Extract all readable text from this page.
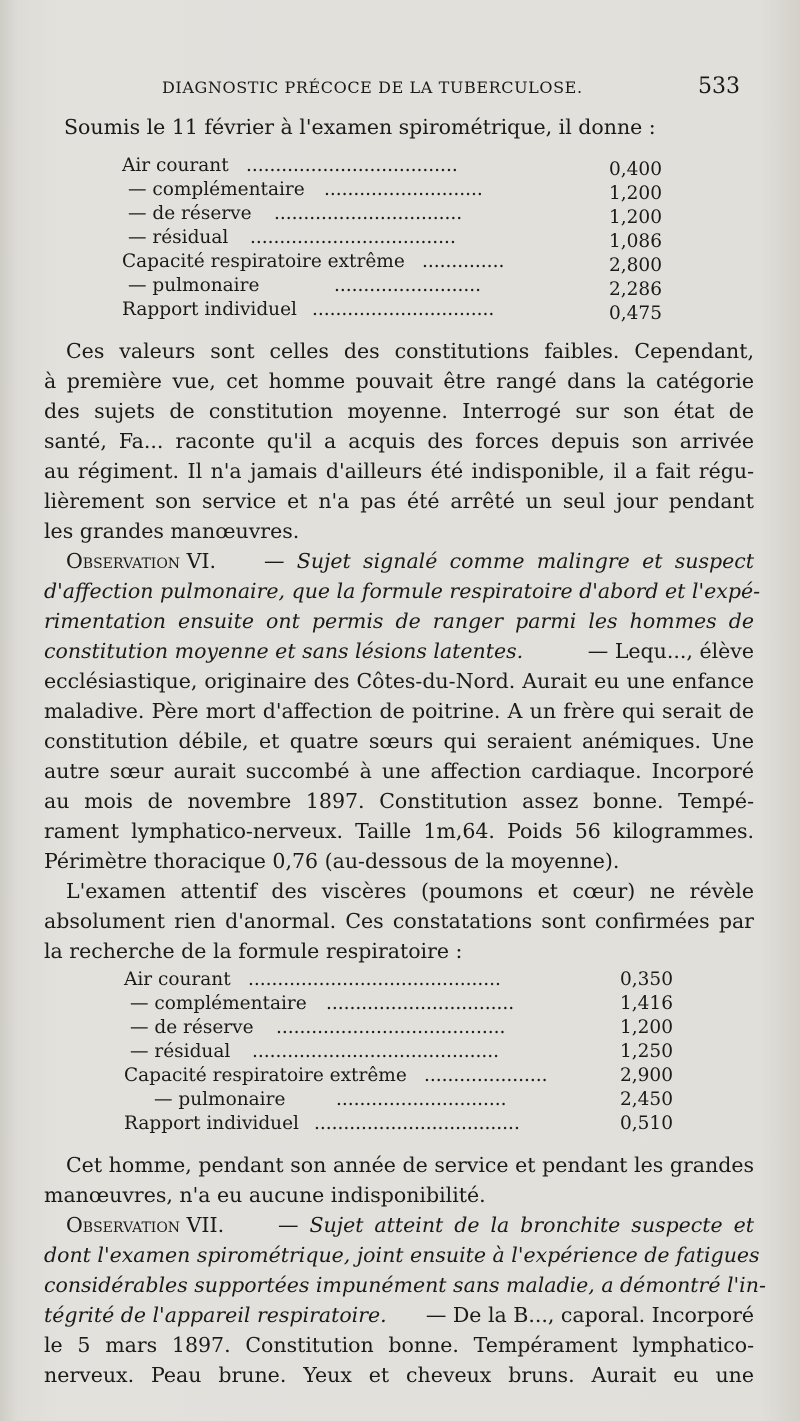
DIAGNOSTIC PRÉCOCE DE LA TUBERCULOSE.	533
Soumis le 11 février à l'examen spirométrique, il donne :
Air courant ....................................	0,400
— complémentaire ...........................	1,200
— de réserve ................................	1,200
— résidual ...................................	1,086
Capacité respiratoire extrême ..............	2,800
— pulmonaire	.........................	2,286
Rapport individuel ...............................	0,475
Ces valeurs sont celles des constitutions faibles. Cependant,
à première vue, cet homme pouvait être rangé dans la catégorie
des sujets de constitution moyenne. Interrogé sur son état de
santé, Fa... raconte qu'il a acquis des forces depuis son arrivée
au régiment. Il n'a jamais d'ailleurs été indisponible, il a fait régu-
lièrement son service et n'a pas été arrêté un seul jour pendant
les grandes manœuvres.
Observation VI. — Sujet signalé comme malingre et suspect
d'affection pulmonaire, que la formule respiratoire d'abord et l'expé-
rimentation ensuite ont permis de ranger parmi les hommes de
constitution moyenne et sans lésions latentes.	— Lequ..., élève
ecclésiastique, originaire des Côtes-du-Nord. Aurait eu une enfance
maladive. Père mort d'affection de poitrine. A un frère qui serait de
constitution débile, et quatre sœurs qui seraient anémiques. Une
autre sœur aurait succombé à une affection cardiaque. Incorporé
au mois de novembre 1897. Constitution assez bonne. Tempé-
rament lymphatico-nerveux. Taille 1m,64. Poids 56 kilogrammes.
Périmètre thoracique 0,76 (au-dessous de la moyenne).
L'examen attentif des viscères (poumons et cœur) ne révèle
absolument rien d'anormal. Ces constatations sont confirmées par
la recherche de la formule respiratoire :
Air courant ...........................................	0,350
— complémentaire ................................	1,416
— de réserve .......................................	1,200
— résidual ..........................................	1,250
Capacité respiratoire extrême .....................	2,900
— pulmonaire	.............................	2,450
Rapport individuel ...................................	0,510
Cet homme, pendant son année de service et pendant les grandes
manœuvres, n'a eu aucune indisponibilité.
Observation VII.	— Sujet atteint de la bronchite suspecte et
dont l'examen spirométrique, joint ensuite à l'expérience de fatigues
considérables supportées impunément sans maladie, a démontré l'in-
tégrité de l'appareil respiratoire. — De la B..., caporal. Incorporé
le 5 mars 1897. Constitution bonne. Tempérament lymphatico-
nerveux. Peau brune. Yeux et cheveux bruns. Aurait eu une
